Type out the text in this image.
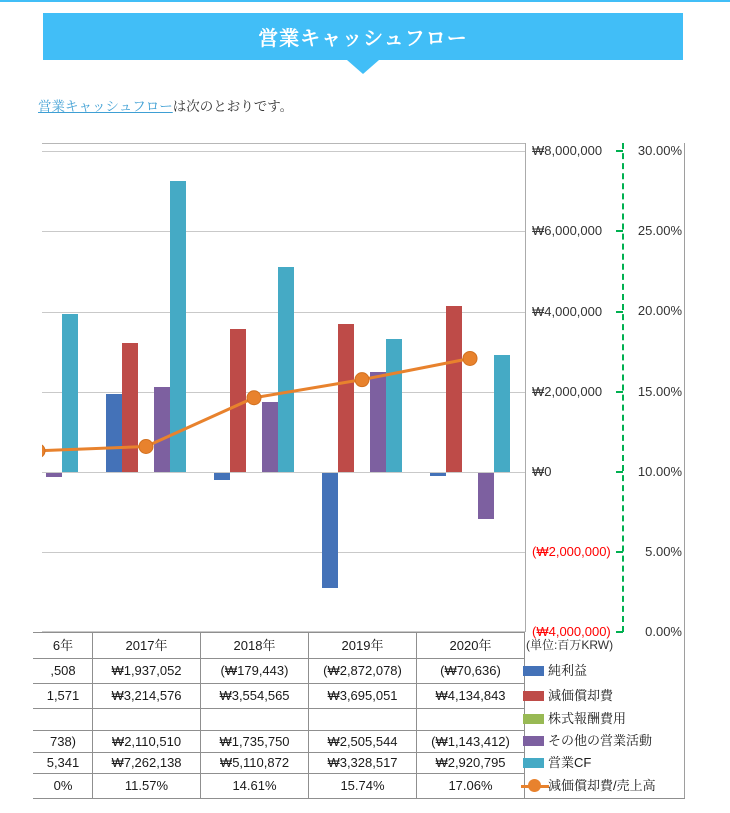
営業キャッシュフロー
営業キャッシュフローは次のとおりです。
₩8,000,000
₩6,000,000
₩4,000,000
₩2,000,000
₩0
(₩2,000,000)
(₩4,000,000)
30.00%
25.00%
20.00%
15.00%
10.00%
5.00%
0.00%
6年
,508
1,571
738)
5,341
0%
2017年
₩1,937,052
₩3,214,576
₩2,110,510
₩7,262,138
11.57%
2018年
(₩179,443)
₩3,554,565
₩1,735,750
₩5,110,872
14.61%
2019年
(₩2,872,078)
₩3,695,051
₩2,505,544
₩3,328,517
15.74%
2020年
(₩70,636)
₩4,134,843
(₩1,143,412)
₩2,920,795
17.06%
(単位:百万KRW)
純利益
減価償却費
株式報酬費用
その他の営業活動
営業CF
減価償却費/売上高
